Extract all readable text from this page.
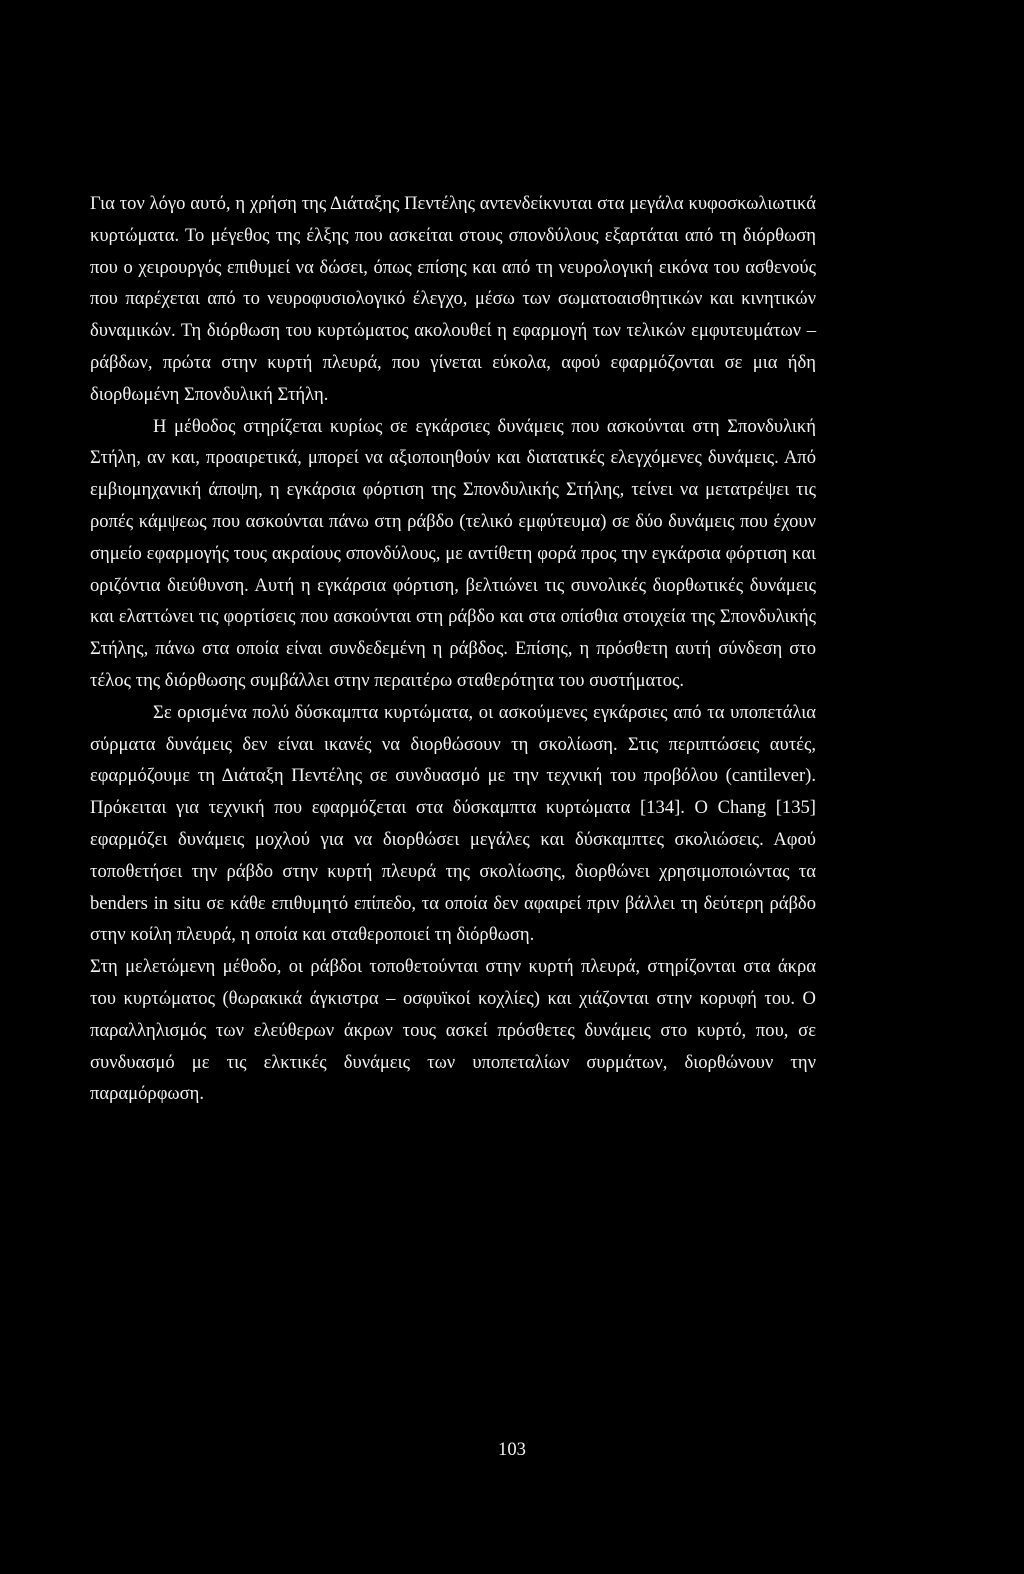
Για τον λόγο αυτό, η χρήση της Διάταξης Πεντέλης αντενδείκνυται στα μεγάλα κυφοσκωλιωτικά κυρτώματα. Το μέγεθος της έλξης που ασκείται στους σπονδύλους εξαρτάται από τη διόρθωση που ο χειρουργός επιθυμεί να δώσει, όπως επίσης και από τη νευρολογική εικόνα του ασθενούς που παρέχεται από το νευροφυσιολογικό έλεγχο, μέσω των σωματοαισθητικών και κινητικών δυναμικών. Τη διόρθωση του κυρτώματος ακολουθεί η εφαρμογή των τελικών εμφυτευμάτων – ράβδων, πρώτα στην κυρτή πλευρά, που γίνεται εύκολα, αφού εφαρμόζονται σε μια ήδη διορθωμένη Σπονδυλική Στήλη.

Η μέθοδος στηρίζεται κυρίως σε εγκάρσιες δυνάμεις που ασκούνται στη Σπονδυλική Στήλη, αν και, προαιρετικά, μπορεί να αξιοποιηθούν και διατατικές ελεγχόμενες δυνάμεις. Από εμβιομηχανική άποψη, η εγκάρσια φόρτιση της Σπονδυλικής Στήλης, τείνει να μετατρέψει τις ροπές κάμψεως που ασκούνται πάνω στη ράβδο (τελικό εμφύτευμα) σε δύο δυνάμεις που έχουν σημείο εφαρμογής τους ακραίους σπονδύλους, με αντίθετη φορά προς την εγκάρσια φόρτιση και οριζόντια διεύθυνση. Αυτή η εγκάρσια φόρτιση, βελτιώνει τις συνολικές διορθωτικές δυνάμεις και ελαττώνει τις φορτίσεις που ασκούνται στη ράβδο και στα οπίσθια στοιχεία της Σπονδυλικής Στήλης, πάνω στα οποία είναι συνδεδεμένη η ράβδος. Επίσης, η πρόσθετη αυτή σύνδεση στο τέλος της διόρθωσης συμβάλλει στην περαιτέρω σταθερότητα του συστήματος.

Σε ορισμένα πολύ δύσκαμπτα κυρτώματα, οι ασκούμενες εγκάρσιες από τα υποπετάλια σύρματα δυνάμεις δεν είναι ικανές να διορθώσουν τη σκολίωση. Στις περιπτώσεις αυτές, εφαρμόζουμε τη Διάταξη Πεντέλης σε συνδυασμό με την τεχνική του προβόλου (cantilever). Πρόκειται για τεχνική που εφαρμόζεται στα δύσκαμπτα κυρτώματα [134]. Ο Chang [135] εφαρμόζει δυνάμεις μοχλού για να διορθώσει μεγάλες και δύσκαμπτες σκολιώσεις. Αφού τοποθετήσει την ράβδο στην κυρτή πλευρά της σκολίωσης, διορθώνει χρησιμοποιώντας τα benders in situ σε κάθε επιθυμητό επίπεδο, τα οποία δεν αφαιρεί πριν βάλλει τη δεύτερη ράβδο στην κοίλη πλευρά, η οποία και σταθεροποιεί τη διόρθωση.

Στη μελετώμενη μέθοδο, οι ράβδοι τοποθετούνται στην κυρτή πλευρά, στηρίζονται στα άκρα του κυρτώματος (θωρακικά άγκιστρα – οσφυϊκοί κοχλίες) και χιάζονται στην κορυφή του. Ο παραλληλισμός των ελεύθερων άκρων τους ασκεί πρόσθετες δυνάμεις στο κυρτό, που, σε συνδυασμό με τις ελκτικές δυνάμεις των υποπεταλίων συρμάτων, διορθώνουν την παραμόρφωση.

103
